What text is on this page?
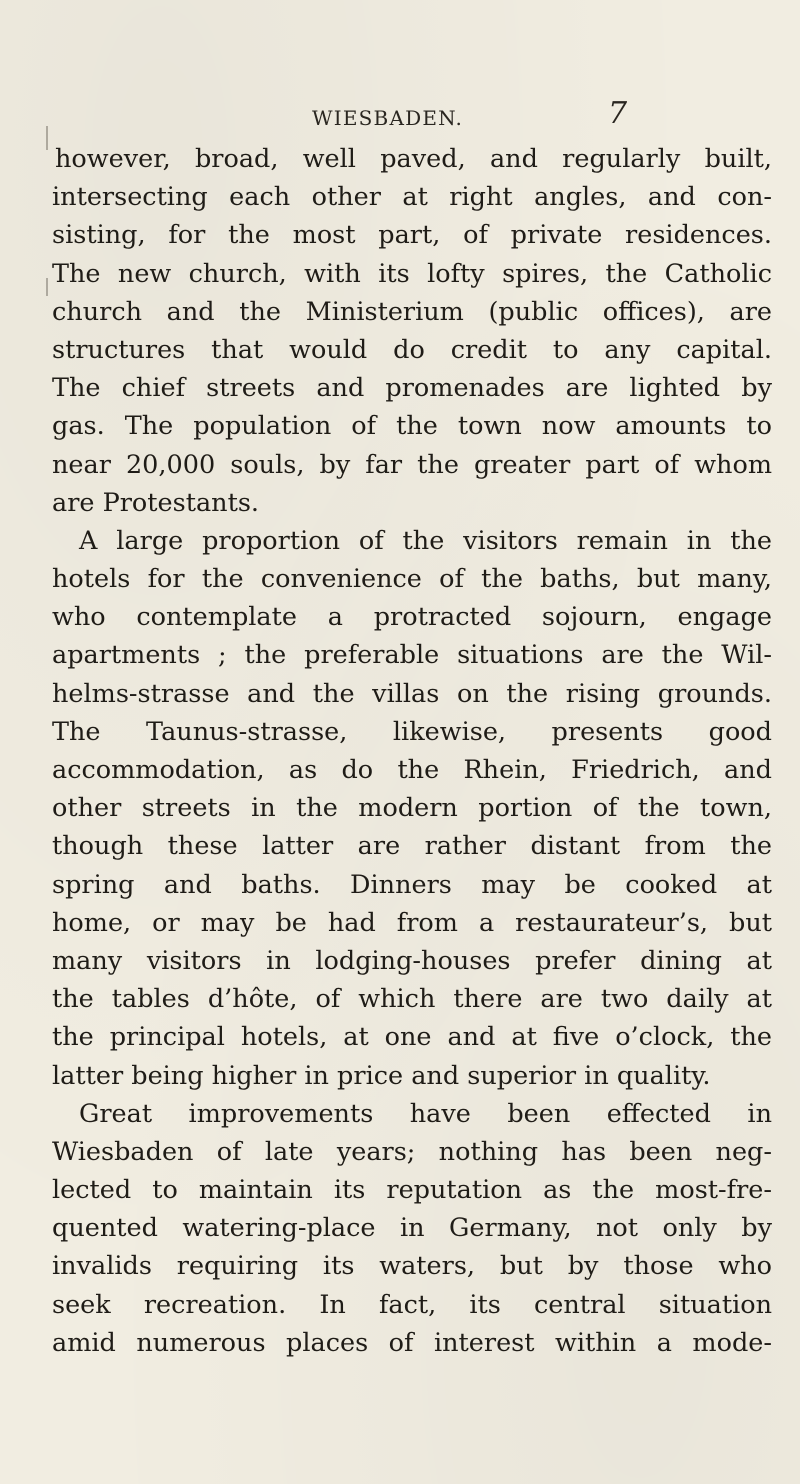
WIESBADEN.	7
however, broad, well paved, and regularly built,
intersecting each other at right angles, and con-
sisting, for the most part, of private residences.
The new church, with its lofty spires, the Catholic
church and the Ministerium (public offices), are
structures that would do credit to any capital.
The chief streets and promenades are lighted by
gas. The population of the town now amounts to
near 20,000 souls, by far the greater part of whom
are Protestants.
A large proportion of the visitors remain in the
hotels for the convenience of the baths, but many,
who contemplate a protracted sojourn, engage
apartments ; the preferable situations are the Wil-
helms-strasse and the villas on the rising grounds.
The Taunus-strasse, likewise, presents good
accommodation, as do the Rhein, Friedrich, and
other streets in the modern portion of the town,
though these latter are rather distant from the
spring and baths. Dinners may be cooked at
home, or may be had from a restaurateur’s, but
many visitors in lodging-houses prefer dining at
the tables d’hôte, of which there are two daily at
the principal hotels, at one and at five o’clock, the
latter being higher in price and superior in quality.
Great improvements have been effected in
Wiesbaden of late years; nothing has been neg-
lected to maintain its reputation as the most-fre-
quented watering-place in Germany, not only by
invalids requiring its waters, but by those who
seek recreation. In fact, its central situation
amid numerous places of interest within a mode-
